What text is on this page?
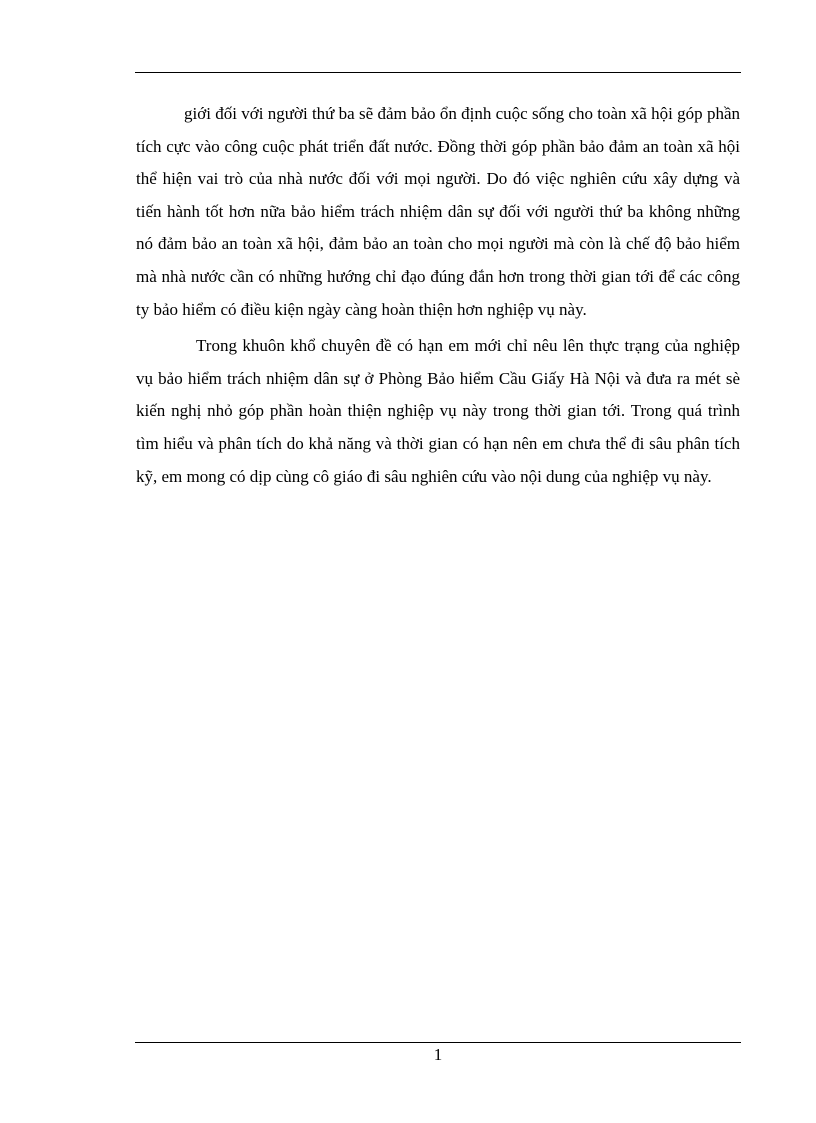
giới đối với người thứ ba sẽ đảm bảo ổn định cuộc sống cho toàn xã hội góp phần tích cực vào công cuộc phát triển đất nước. Đồng thời góp phần bảo đảm an toàn xã hội thể hiện vai trò của nhà nước đối với mọi người. Do đó việc nghiên cứu xây dựng và tiến hành tốt hơn nữa bảo hiểm trách nhiệm dân sự đối với người thứ ba không những nó đảm bảo an toàn xã hội, đảm bảo an toàn cho mọi người mà còn là chế độ bảo hiểm mà nhà nước cần có những hướng chỉ đạo đúng đắn hơn trong thời gian tới để các công ty bảo hiểm có điều kiện ngày càng hoàn thiện hơn nghiệp vụ này.

Trong khuôn khổ chuyên đề có hạn em mới chỉ nêu lên thực trạng của nghiệp vụ bảo hiểm trách nhiệm dân sự ở Phòng Bảo hiểm Cầu Giấy Hà Nội và đưa ra mét sè kiến nghị nhỏ góp phần hoàn thiện nghiệp vụ này trong thời gian tới. Trong quá trình tìm hiểu và phân tích do khả năng và thời gian có hạn nên em chưa thể đi sâu phân tích kỹ, em mong có dịp cùng cô giáo đi sâu nghiên cứu vào nội dung của nghiệp vụ này.

1
